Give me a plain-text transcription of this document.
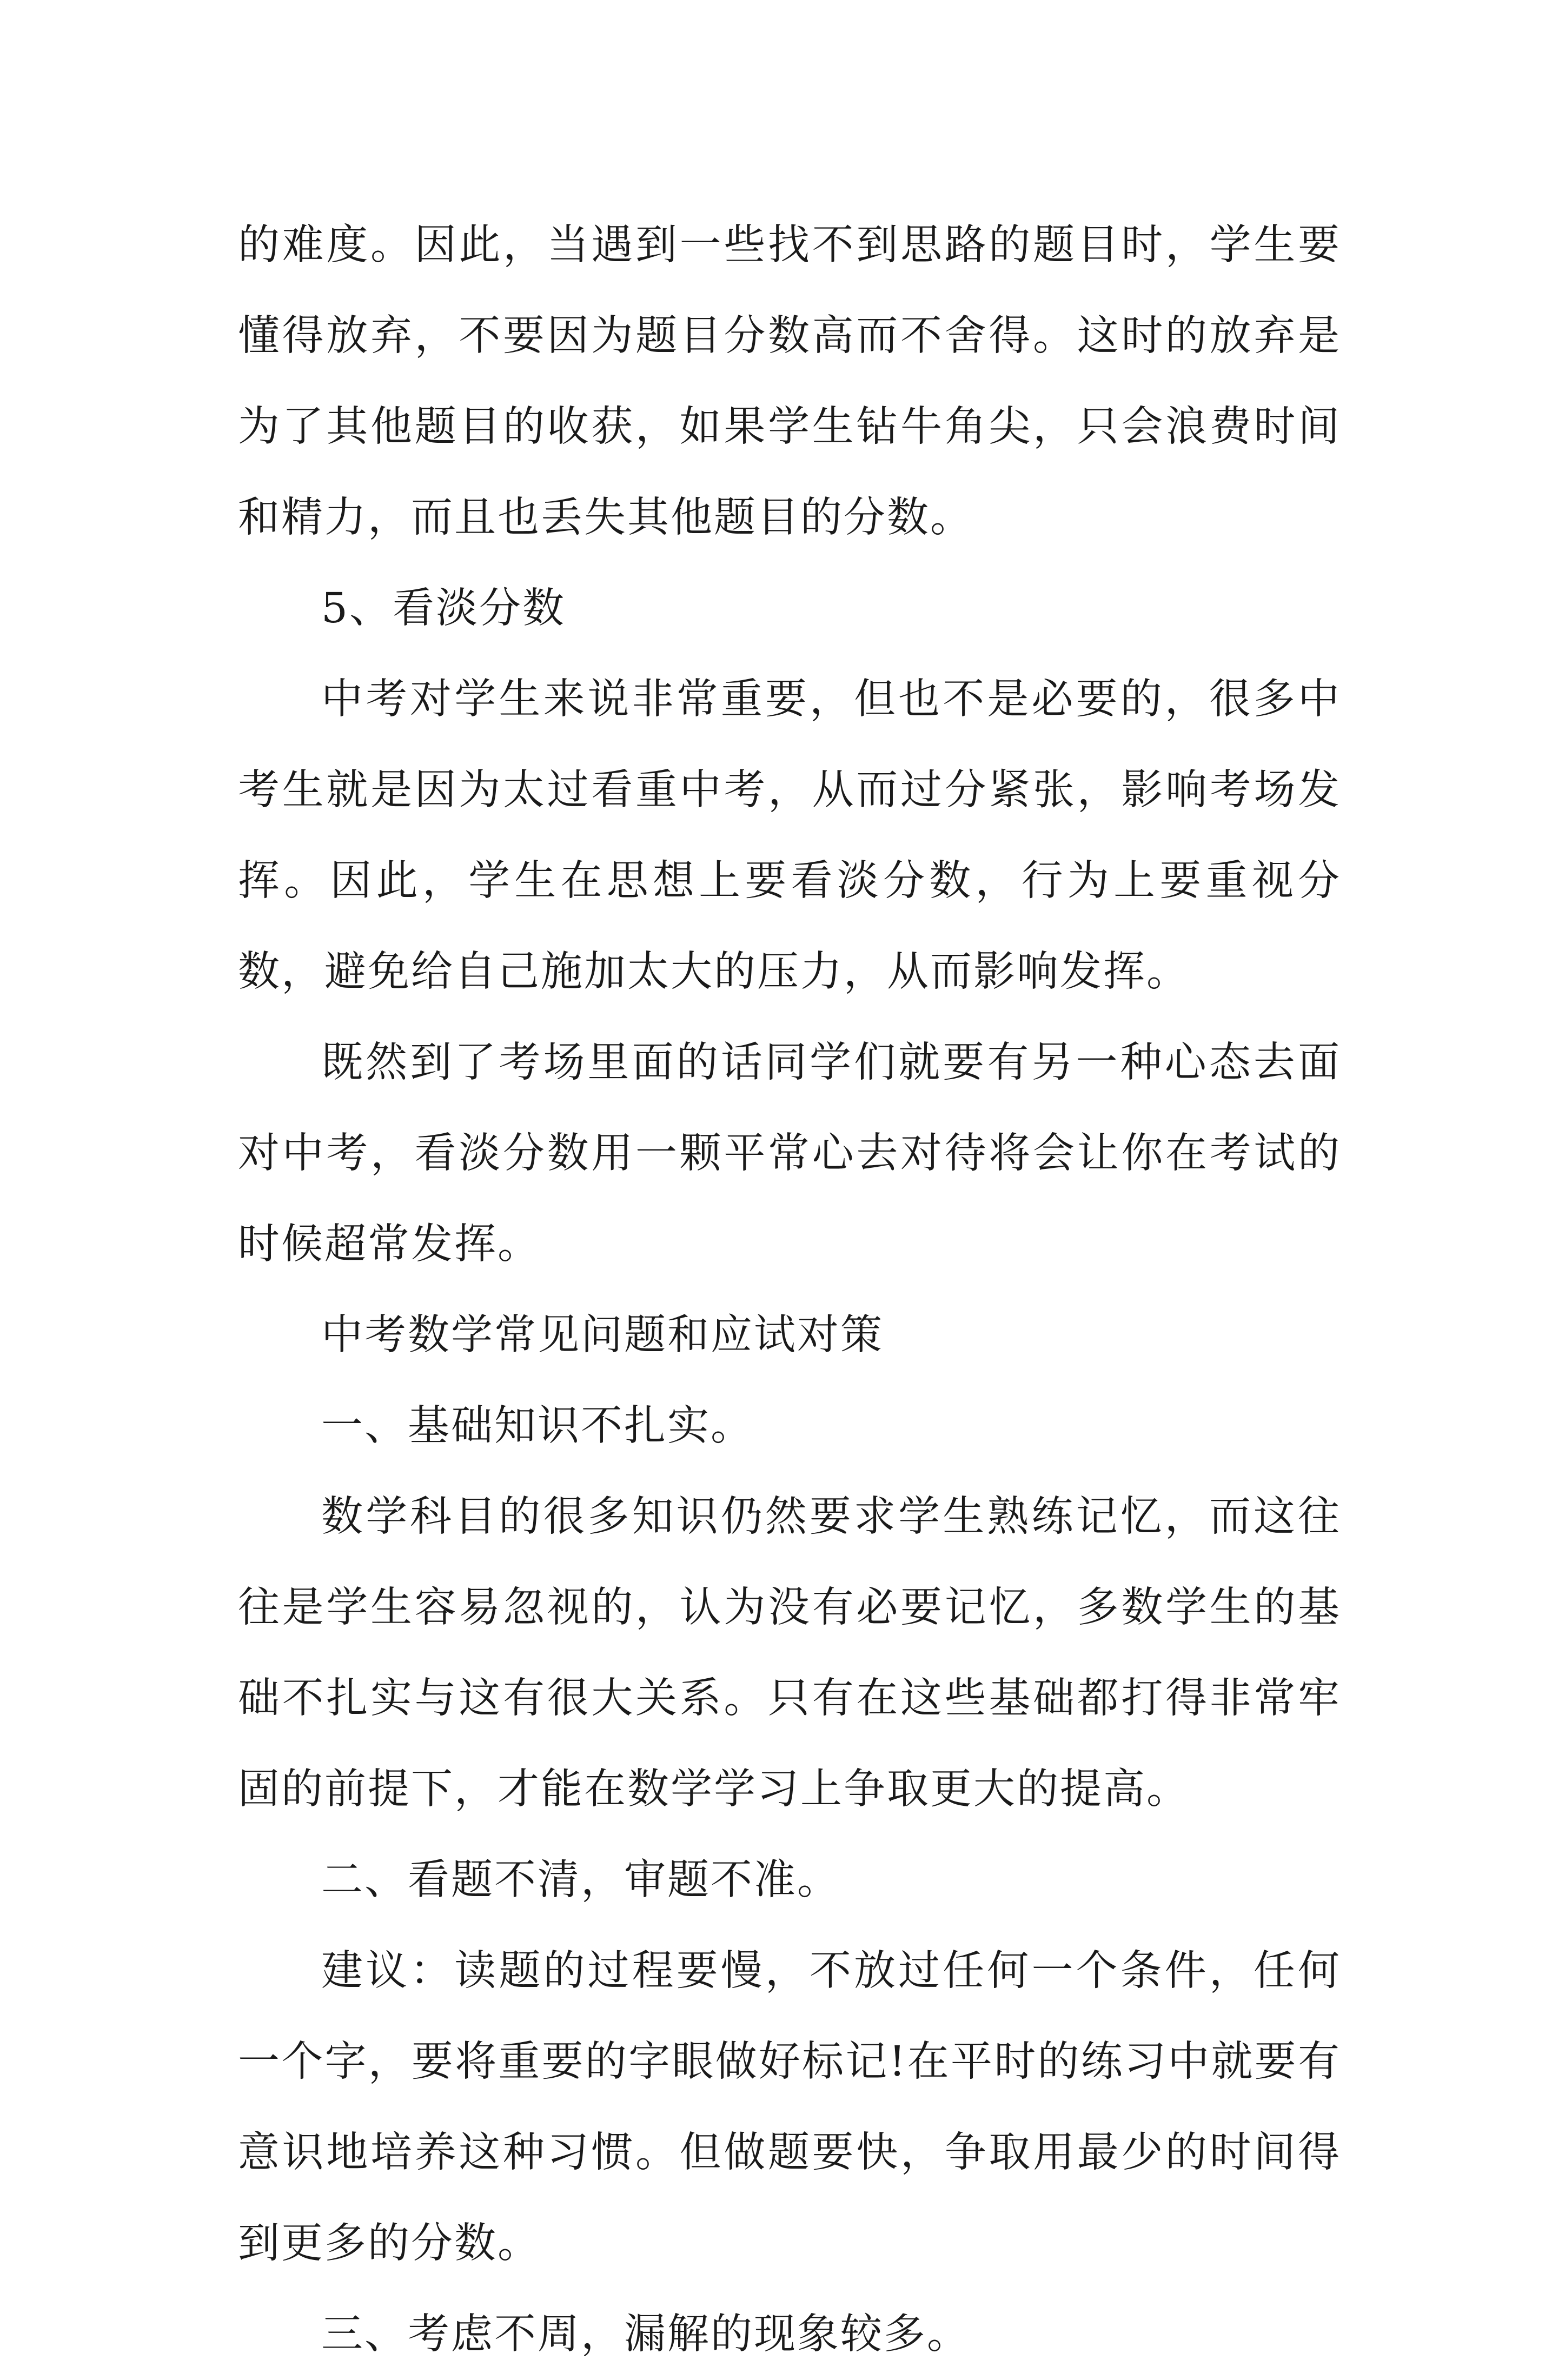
的难度。因此，当遇到一些找不到思路的题目时，学生要懂得放弃，不要因为题目分数高而不舍得。这时的放弃是为了其他题目的收获，如果学生钻牛角尖，只会浪费时间和精力，而且也丢失其他题目的分数。

5、看淡分数

中考对学生来说非常重要，但也不是必要的，很多中考生就是因为太过看重中考，从而过分紧张，影响考场发挥。因此，学生在思想上要看淡分数，行为上要重视分数，避免给自己施加太大的压力，从而影响发挥。

既然到了考场里面的话同学们就要有另一种心态去面对中考，看淡分数用一颗平常心去对待将会让你在考试的时候超常发挥。

中考数学常见问题和应试对策

一、基础知识不扎实。

数学科目的很多知识仍然要求学生熟练记忆，而这往往是学生容易忽视的，认为没有必要记忆，多数学生的基础不扎实与这有很大关系。只有在这些基础都打得非常牢固的前提下，才能在数学学习上争取更大的提高。

二、看题不清，审题不准。

建议：读题的过程要慢，不放过任何一个条件，任何一个字，要将重要的字眼做好标记!在平时的练习中就要有意识地培养这种习惯。但做题要快，争取用最少的时间得到更多的分数。

三、考虑不周，漏解的现象较多。
